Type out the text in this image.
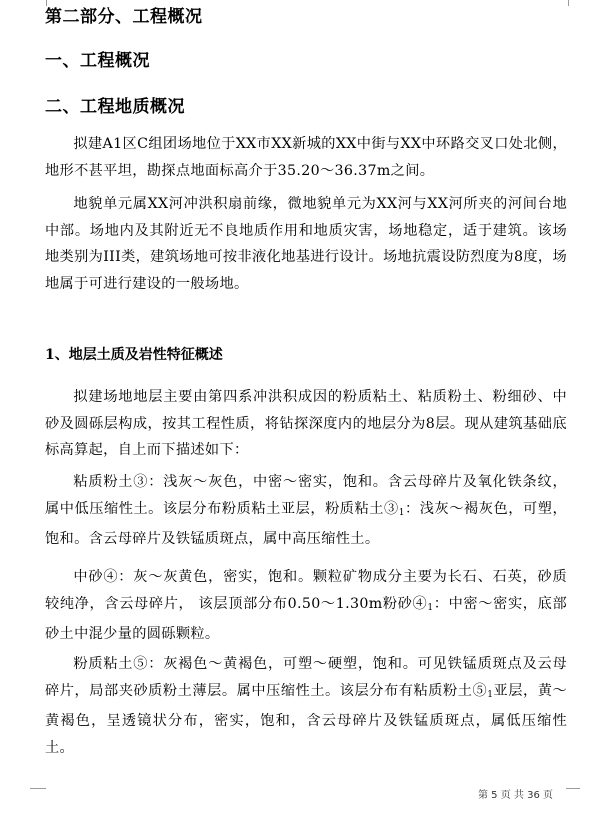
第二部分、工程概况
一、工程概况
二、工程地质概况
拟建A1区C组团场地位于XX市XX新城的XX中街与XX中环路交叉口处北侧，地形不甚平坦，勘探点地面标高介于35.20～36.37m之间。
地貌单元属XX河冲洪积扇前缘，微地貌单元为XX河与XX河所夹的河间台地中部。场地内及其附近无不良地质作用和地质灾害，场地稳定，适于建筑。该场地类别为III类，建筑场地可按非液化地基进行设计。场地抗震设防烈度为8度，场地属于可进行建设的一般场地。
1、地层土质及岩性特征概述
拟建场地地层主要由第四系冲洪积成因的粉质粘土、粘质粉土、粉细砂、中砂及圆砾层构成，按其工程性质，将钻探深度内的地层分为8层。现从建筑基础底标高算起，自上而下描述如下：
粘质粉土③：浅灰～灰色，中密～密实，饱和。含云母碎片及氧化铁条纹，属中低压缩性土。该层分布粉质粘土亚层，粉质粘土$③_1$：浅灰～褐灰色，可塑，饱和。含云母碎片及铁锰质斑点，属中高压缩性土。
中砂④：灰～灰黄色，密实，饱和。颗粒矿物成分主要为长石、石英，砂质较纯净，含云母碎片， 该层顶部分布0.50～1.30m粉砂$④_1$：中密～密实，底部砂土中混少量的圆砾颗粒。
粉质粘土⑤：灰褐色～黄褐色，可塑～硬塑，饱和。可见铁锰质斑点及云母碎片，局部夹砂质粉土薄层。属中压缩性土。该层分布有粘质粉土$⑤_1$亚层，黄～黄褐色，呈透镜状分布，密实，饱和，含云母碎片及铁锰质斑点，属低压缩性土。
第 5 页 共 36 页
